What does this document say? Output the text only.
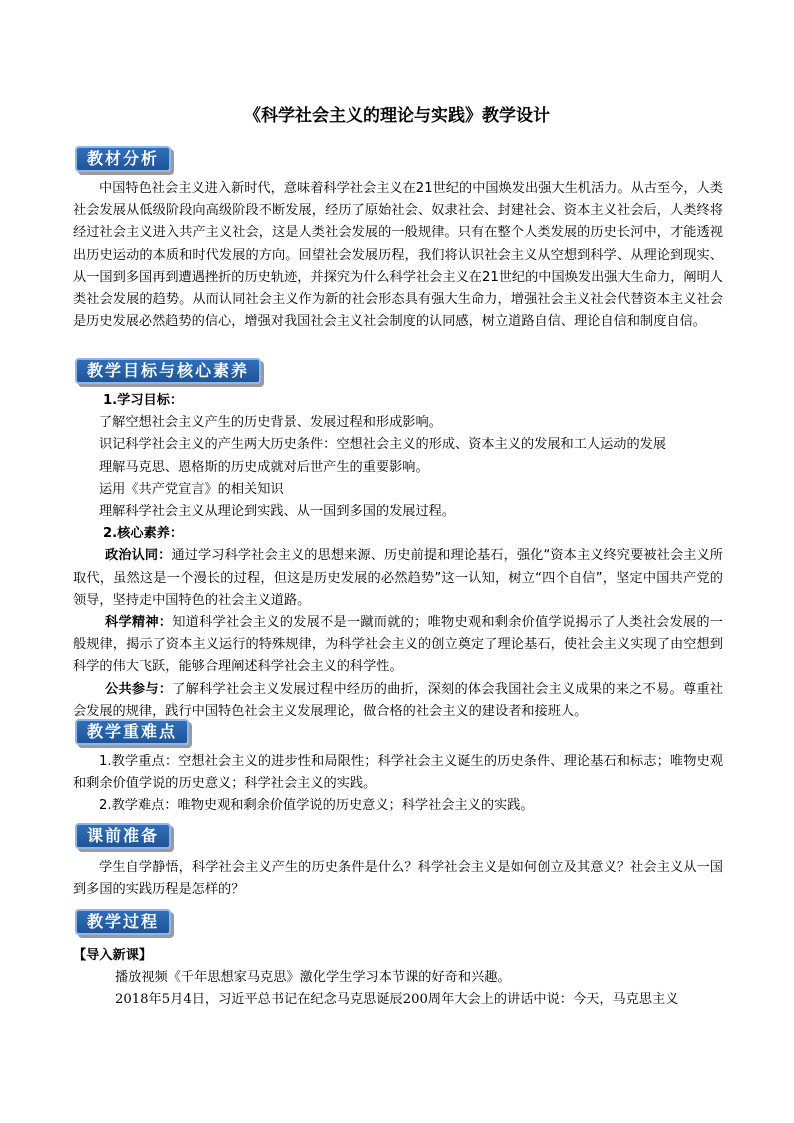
《科学社会主义的理论与实践》教学设计
教材分析

中国特色社会主义进入新时代，意味着科学社会主义在21世纪的中国焕发出强大生机活力。从古至今，人类社会发展从低级阶段向高级阶段不断发展，经历了原始社会、奴隶社会、封建社会、资本主义社会后，人类终将经过社会主义进入共产主义社会，这是人类社会发展的一般规律。只有在整个人类发展的历史长河中，才能透视出历史运动的本质和时代发展的方向。回望社会发展历程，我们将认识社会主义从空想到科学、从理论到现实、从一国到多国再到遭遇挫折的历史轨迹，并探究为什么科学社会主义在21世纪的中国焕发出强大生命力，阐明人类社会发展的趋势。从而认同社会主义作为新的社会形态具有强大生命力，增强社会主义社会代替资本主义社会是历史发展必然趋势的信心，增强对我国社会主义社会制度的认同感，树立道路自信、理论自信和制度自信。

教学目标与核心素养

1.学习目标：

了解空想社会主义产生的历史背景、发展过程和形成影响。

识记科学社会主义的产生两大历史条件：空想社会主义的形成、资本主义的发展和工人运动的发展

理解马克思、恩格斯的历史成就对后世产生的重要影响。

运用《共产党宣言》的相关知识

理解科学社会主义从理论到实践、从一国到多国的发展过程。

2.核心素养：

政治认同：通过学习科学社会主义的思想来源、历史前提和理论基石，强化“资本主义终究要被社会主义所取代，虽然这是一个漫长的过程，但这是历史发展的必然趋势”这一认知，树立“四个自信”，坚定中国共产党的领导，坚持走中国特色的社会主义道路。

科学精神：知道科学社会主义的发展不是一蹴而就的；唯物史观和剩余价值学说揭示了人类社会发展的一般规律，揭示了资本主义运行的特殊规律，为科学社会主义的创立奠定了理论基石，使社会主义实现了由空想到科学的伟大飞跃，能够合理阐述科学社会主义的科学性。

公共参与：了解科学社会主义发展过程中经历的曲折，深刻的体会我国社会主义成果的来之不易。尊重社会发展的规律，践行中国特色社会主义发展理论，做合格的社会主义的建设者和接班人。

教学重难点

1.教学重点：空想社会主义的进步性和局限性；科学社会主义诞生的历史条件、理论基石和标志；唯物史观和剩余价值学说的历史意义；科学社会主义的实践。

2.教学难点：唯物史观和剩余价值学说的历史意义；科学社会主义的实践。

课前准备

学生自学静悟，科学社会主义产生的历史条件是什么？科学社会主义是如何创立及其意义？社会主义从一国到多国的实践历程是怎样的？

教学过程

【导入新课】

播放视频《千年思想家马克思》激化学生学习本节课的好奇和兴趣。

2018年5月4日，习近平总书记在纪念马克思诞辰200周年大会上的讲话中说：今天，马克思主义
